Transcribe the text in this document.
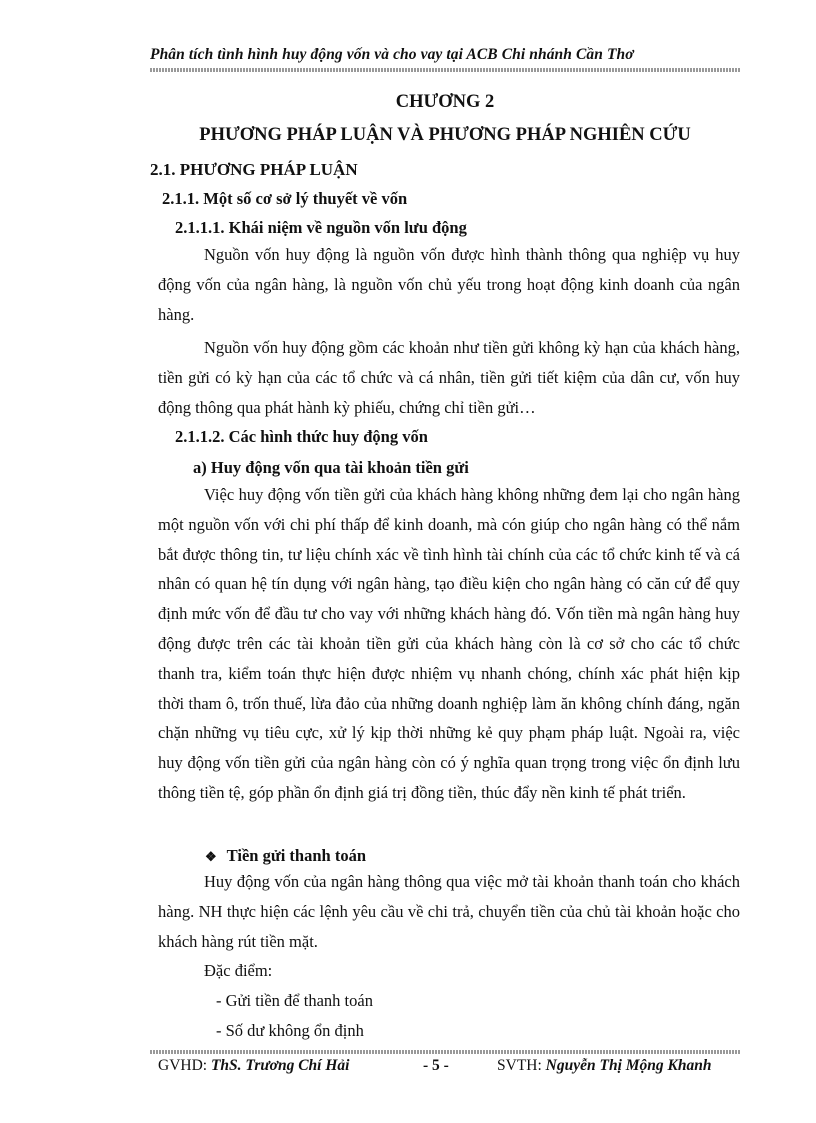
Phân tích tình hình huy động vốn và cho vay tại ACB Chi nhánh Cần Thơ
CHƯƠNG 2
PHƯƠNG PHÁP LUẬN VÀ PHƯƠNG PHÁP NGHIÊN CỨU
2.1. PHƯƠNG PHÁP LUẬN
2.1.1. Một số cơ sở lý thuyết về vốn
2.1.1.1. Khái niệm về nguồn vốn lưu động
Nguồn vốn huy động là nguồn vốn được hình thành thông qua nghiệp vụ huy động vốn của ngân hàng, là nguồn vốn chủ yếu trong hoạt động kinh doanh của ngân hàng.
Nguồn vốn huy động gồm các khoản như tiền gửi không kỳ hạn của khách hàng, tiền gửi có kỳ hạn của các tổ chức và cá nhân, tiền gửi tiết kiệm của dân cư, vốn huy động thông qua phát hành kỳ phiếu, chứng chỉ tiền gửi…
2.1.1.2. Các hình thức huy động vốn
a) Huy động vốn qua tài khoản tiền gửi
Việc huy động vốn tiền gửi của khách hàng không những đem lại cho ngân hàng một nguồn vốn với chi phí thấp để kinh doanh, mà cón giúp cho ngân hàng có thể nắm bắt được thông tin, tư liệu chính xác về tình hình tài chính của các tổ chức kinh tế và cá nhân có quan hệ tín dụng với ngân hàng, tạo điều kiện cho ngân hàng có căn cứ để quy định mức vốn để đầu tư cho vay với những khách hàng đó. Vốn tiền mà ngân hàng huy động được trên các tài khoản tiền gửi của khách hàng còn là cơ sở cho các tổ chức thanh tra, kiểm toán thực hiện được nhiệm vụ nhanh chóng, chính xác phát hiện kịp thời tham ô, trốn thuế, lừa đảo của những doanh nghiệp làm ăn không chính đáng, ngăn chặn những vụ tiêu cực, xử lý kịp thời những kẻ quy phạm pháp luật. Ngoài ra, việc huy động vốn tiền gửi của ngân hàng còn có ý nghĩa quan trọng trong việc ổn định lưu thông tiền tệ, góp phần ổn định giá trị đồng tiền, thúc đẩy nền kinh tế phát triển.
❖ Tiền gửi thanh toán
Huy động vốn của ngân hàng thông qua việc mở tài khoản thanh toán cho khách hàng. NH thực hiện các lệnh yêu cầu về chi trả, chuyển tiền của chủ tài khoản hoặc cho khách hàng rút tiền mặt.
Đặc điểm:
- Gửi tiền để thanh toán
- Số dư không ổn định
GVHD: ThS. Trương Chí Hải	- 5 -	SVTH: Nguyễn Thị Mộng Khanh
